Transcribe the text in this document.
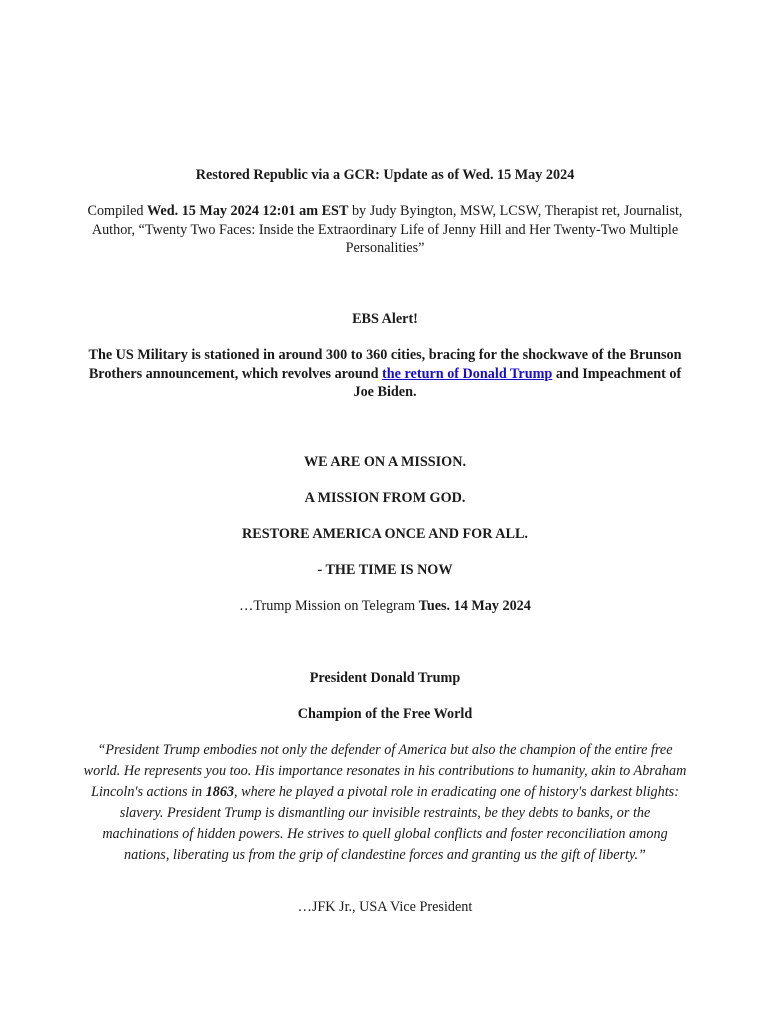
Restored Republic via a GCR: Update as of Wed. 15 May 2024
Compiled Wed. 15 May 2024 12:01 am EST by Judy Byington, MSW, LCSW, Therapist ret, Journalist, Author, “Twenty Two Faces: Inside the Extraordinary Life of Jenny Hill and Her Twenty-Two Multiple Personalities”
EBS Alert!
The US Military is stationed in around 300 to 360 cities, bracing for the shockwave of the Brunson Brothers announcement, which revolves around the return of Donald Trump and Impeachment of Joe Biden.
WE ARE ON A MISSION.
A MISSION FROM GOD.
RESTORE AMERICA ONCE AND FOR ALL.
- THE TIME IS NOW
…Trump Mission on Telegram Tues. 14 May 2024
President Donald Trump
Champion of the Free World
“President Trump embodies not only the defender of America but also the champion of the entire free world. He represents you too. His importance resonates in his contributions to humanity, akin to Abraham Lincoln's actions in 1863, where he played a pivotal role in eradicating one of history's darkest blights: slavery. President Trump is dismantling our invisible restraints, be they debts to banks, or the machinations of hidden powers. He strives to quell global conflicts and foster reconciliation among nations, liberating us from the grip of clandestine forces and granting us the gift of liberty.”
…JFK Jr., USA Vice President
